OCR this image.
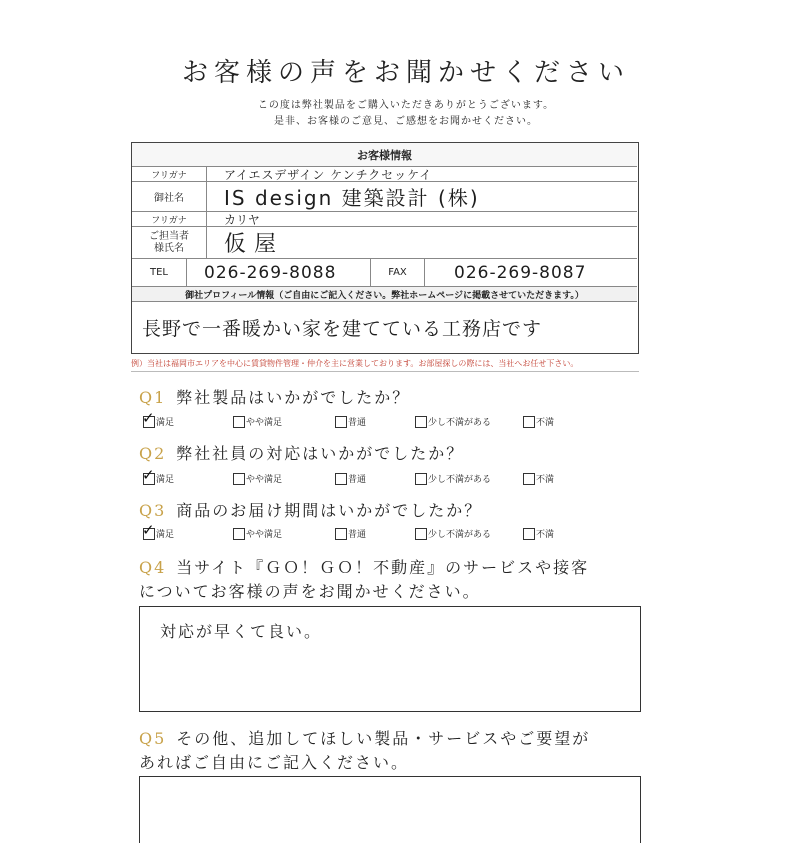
お客様の声をお聞かせください
この度は弊社製品をご購入いただきありがとうございます。
是非、お客様のご意見、ご感想をお聞かせください。
お客様情報
フリガナ	アイエスデザイン ケンチクセッケイ
御社名	IS design 建築設計 (株)
フリガナ	カリヤ
ご担当者
様氏名	仮屋
TEL	026-269-8088	FAX	026-269-8087
御社プロフィール情報（ご自由にご記入ください。弊社ホームページに掲載させていただきます。）
長野で一番暖かい家を建てている工務店です
例）当社は福岡市エリアを中心に賃貸物件管理・仲介を主に営業しております。お部屋探しの際には、当社へお任せ下さい。
Q1 弊社製品はいかがでしたか？
✓ 満足	やや満足	普通	少し不満がある	不満
Q2 弊社社員の対応はいかがでしたか？
✓ 満足	やや満足	普通	少し不満がある	不満
Q3 商品のお届け期間はいかがでしたか？
✓ 満足	やや満足	普通	少し不満がある	不満
Q4 当サイト『ＧＯ！ＧＯ！不動産』のサービスや接客
についてお客様の声をお聞かせください。
対応が早くて良い。
Q5 その他、追加してほしい製品・サービスやご要望が
あればご自由にご記入ください。
